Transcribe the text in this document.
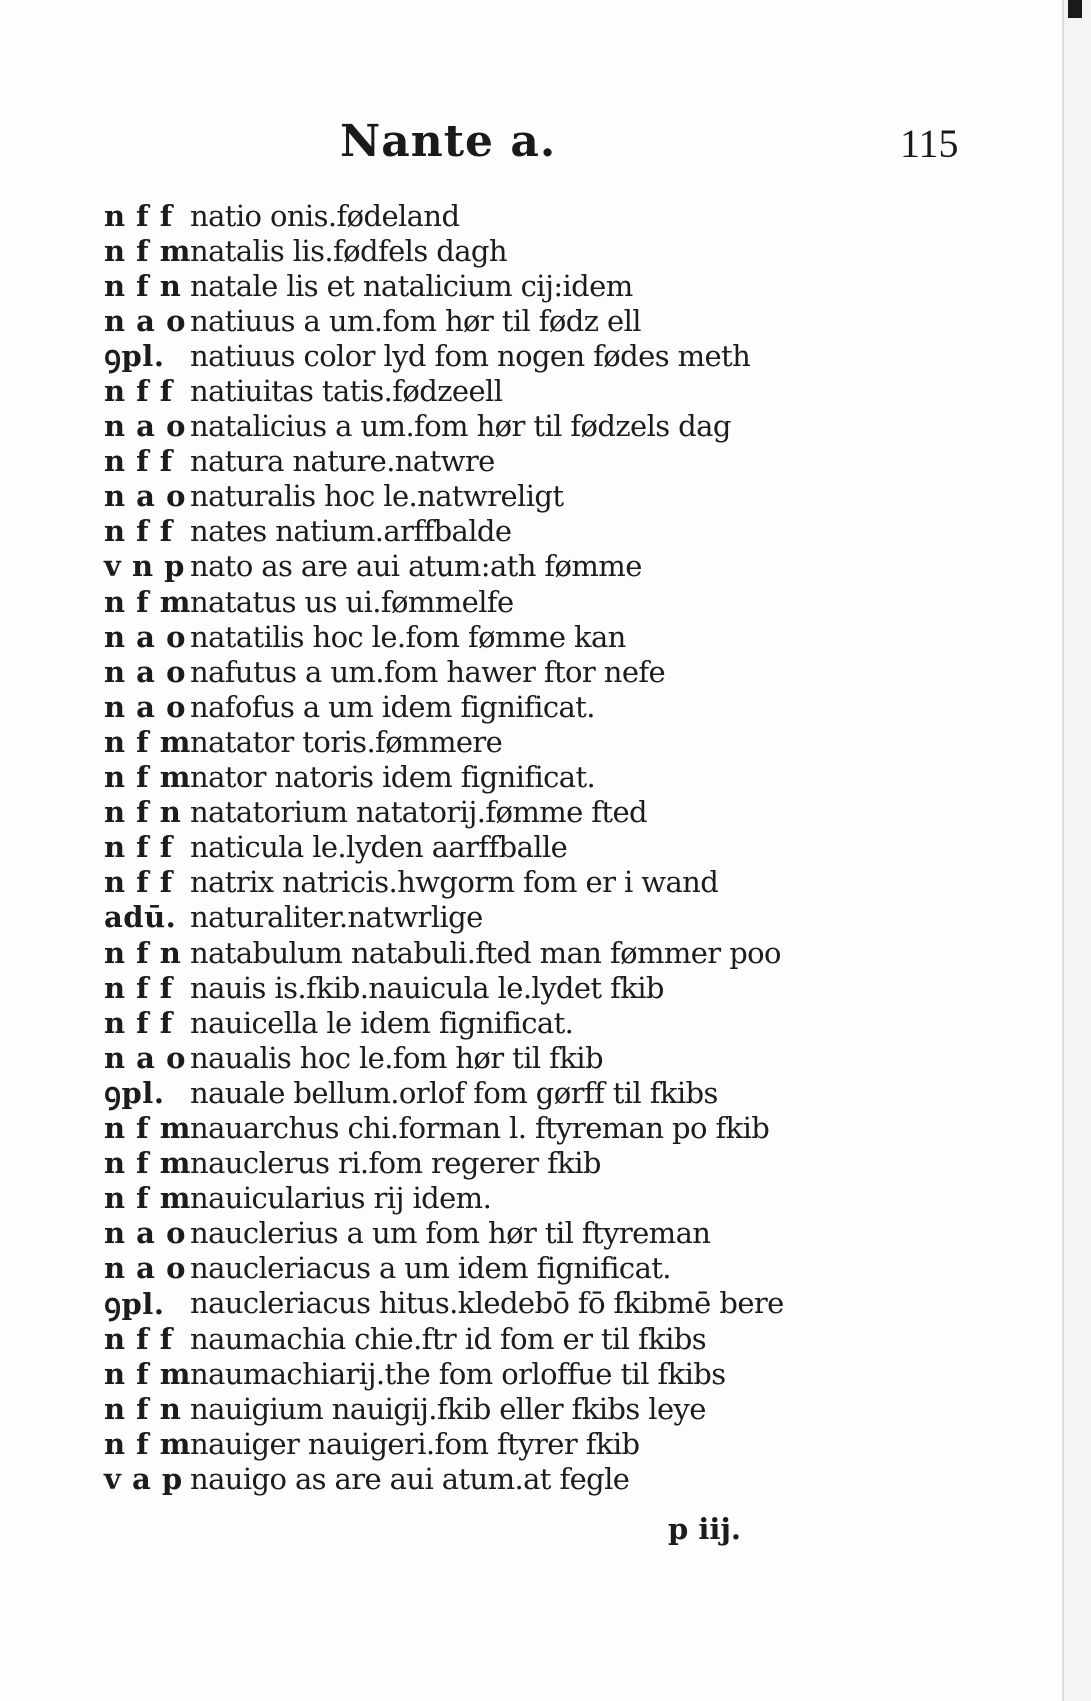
Nante a.	115
n f f natio onis.fødeland
n f m natalis lis.fødfels dagh
n f n natale lis et natalicium cij:idem
n a o natiuus a um.fom hør til fødz ell
ꝯpl. natiuus color lyd fom nogen fødes meth
n f f natiuitas tatis.fødzeell
n a o natalicius a um.fom hør til fødzels dag
n f f natura nature.natwre
n a o naturalis hoc le.natwreligt
n f f nates natium.arffbalde
v n p nato as are aui atum:ath fømme
n f m natatus us ui.fømmelfe
n a o natatilis hoc le.fom fømme kan
n a o nafutus a um.fom hawer ftor nefe
n a o nafofus a um idem fignificat.
n f m natator toris.fømmere
n f m nator natoris idem fignificat.
n f n natatorium natatorij.fømme fted
n f f naticula le.lyden aarffballe
n f f natrix natricis.hwgorm fom er i wand
adū. naturaliter.natwrlige
n f n natabulum natabuli.fted man fømmer poo
n f f nauis is.fkib.nauicula le.lydet fkib
n f f nauicella le idem fignificat.
n a o naualis hoc le.fom hør til fkib
ꝯpl. nauale bellum.orlof fom gørff til fkibs
n f m nauarchus chi.forman l. ftyreman po fkib
n f m nauclerus ri.fom regerer fkib
n f m nauicularius rij idem.
n a o nauclerius a um fom hør til ftyreman
n a o naucleriacus a um idem fignificat.
ꝯpl. naucleriacus hitus.kledebō fō fkibmē bere
n f f naumachia chie.ftr id fom er til fkibs
n f m naumachiarij.the fom orloffue til fkibs
n f n nauigium nauigij.fkib eller fkibs leye
n f m nauiger nauigeri.fom ftyrer fkib
v a p nauigo as are aui atum.at fegle
p iij.
